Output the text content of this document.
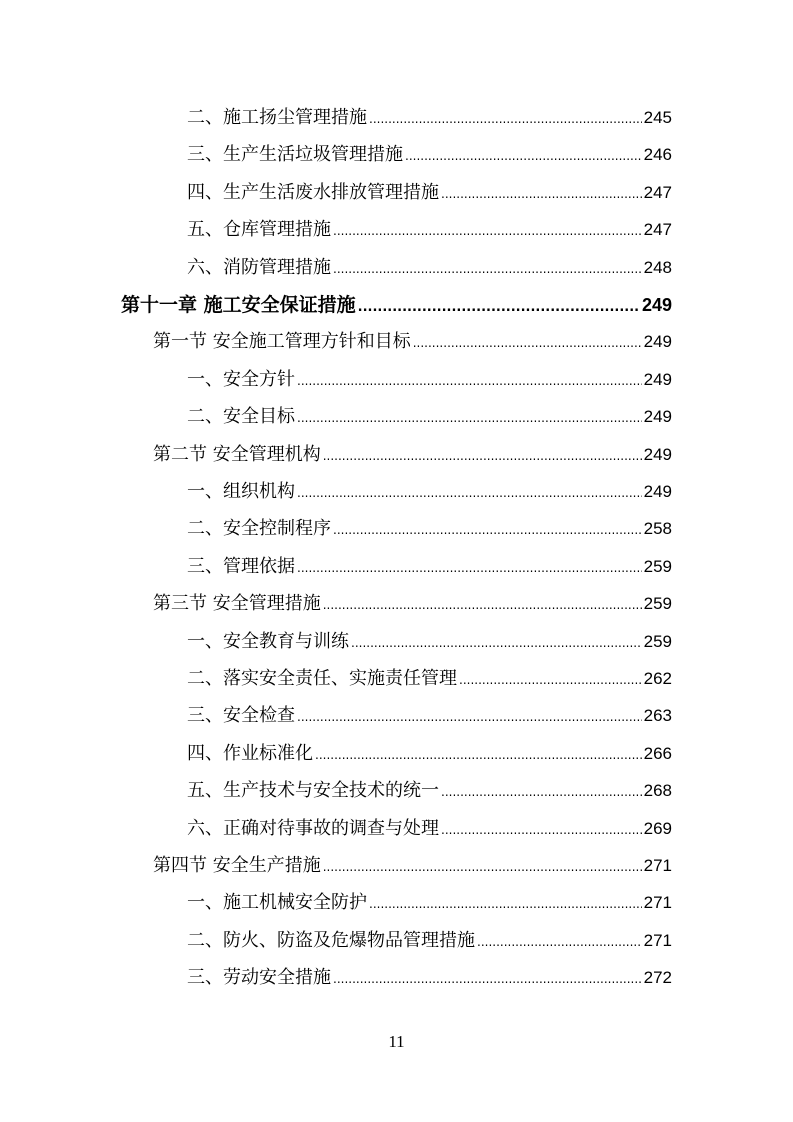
二、施工扬尘管理措施 .....	245
三、生产生活垃圾管理措施 .....	246
四、生产生活废水排放管理措施 .....	247
五、仓库管理措施 .....	247
六、消防管理措施 .....	248
第十一章 施工安全保证措施 .....	249
第一节 安全施工管理方针和目标 .....	249
一、安全方针 .....	249
二、安全目标 .....	249
第二节 安全管理机构 .....	249
一、组织机构 .....	249
二、安全控制程序 .....	258
三、管理依据 .....	259
第三节 安全管理措施 .....	259
一、安全教育与训练 .....	259
二、落实安全责任、实施责任管理 .....	262
三、安全检查 .....	263
四、作业标准化 .....	266
五、生产技术与安全技术的统一 .....	268
六、正确对待事故的调查与处理 .....	269
第四节 安全生产措施 .....	271
一、施工机械安全防护 .....	271
二、防火、防盗及危爆物品管理措施 .....	271
三、劳动安全措施 .....	272
11
